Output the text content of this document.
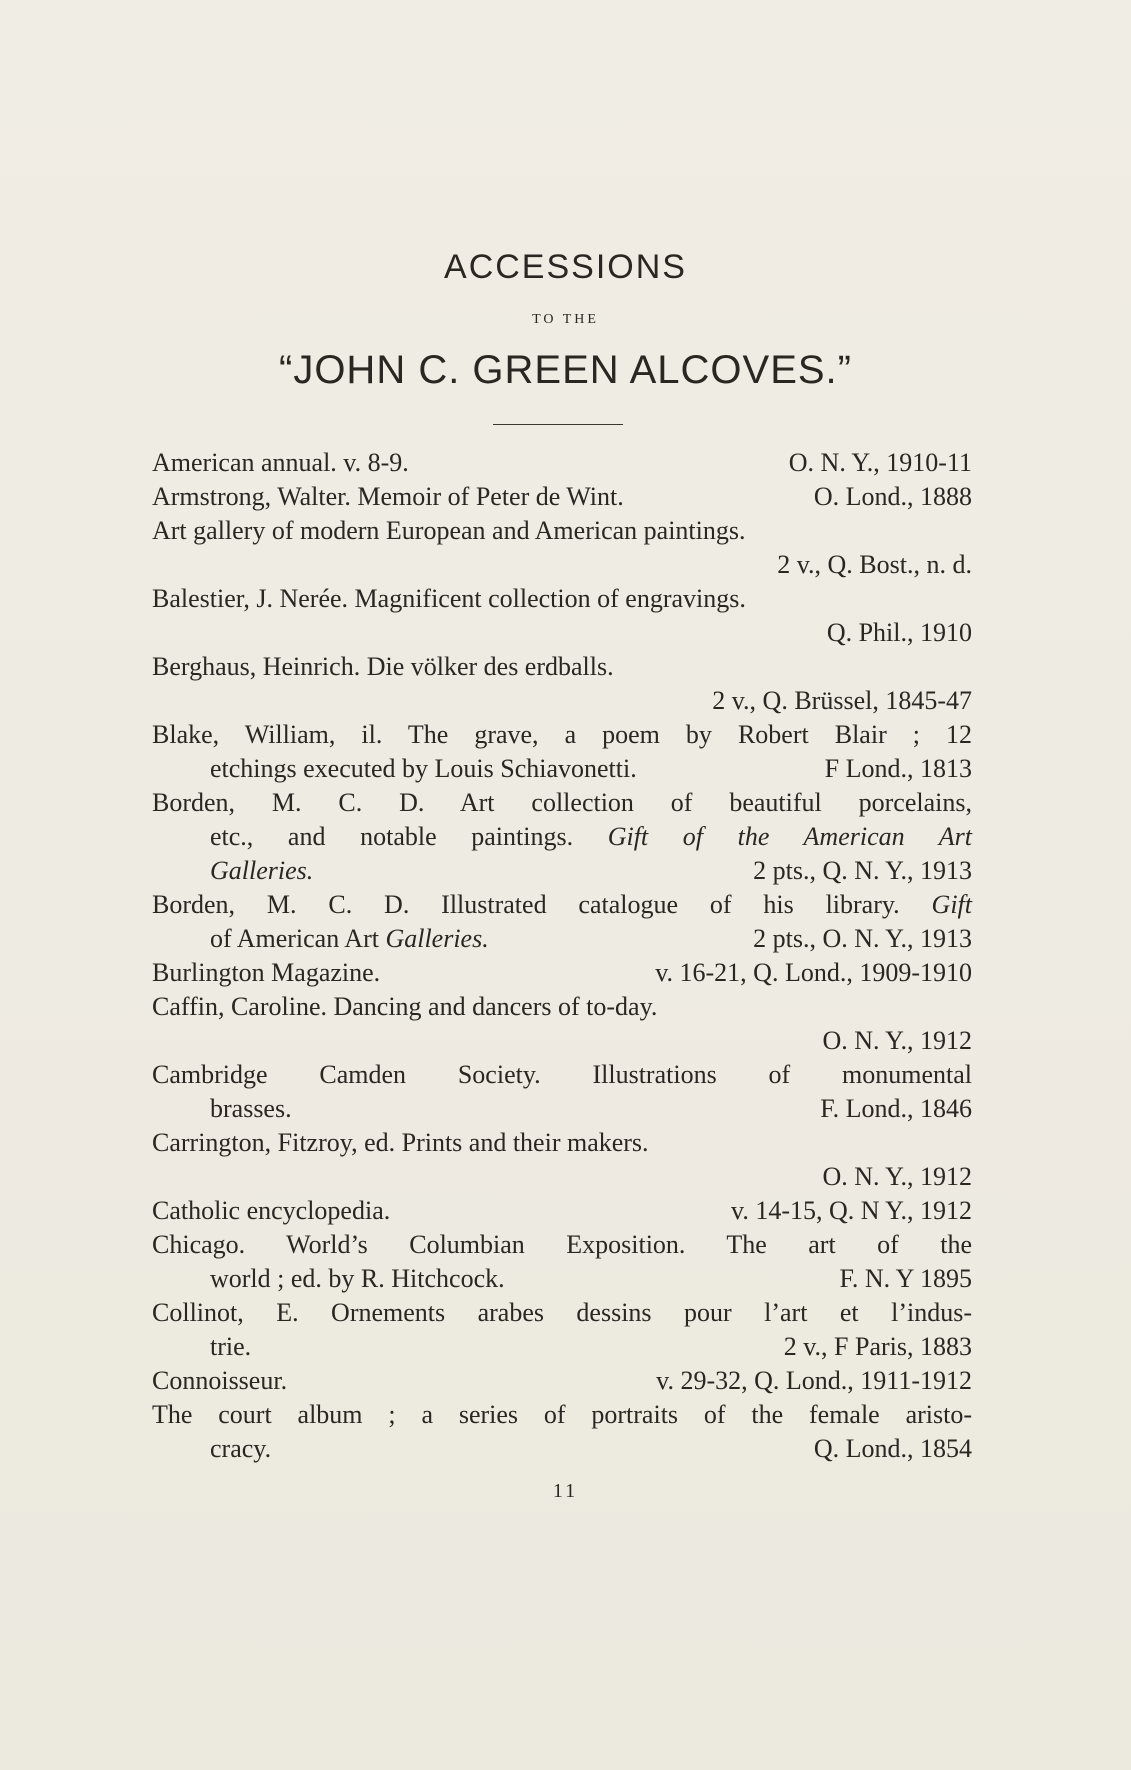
ACCESSIONS
TO THE
“JOHN C. GREEN ALCOVES.”
American annual. v. 8-9.	O. N. Y., 1910-11
Armstrong, Walter. Memoir of Peter de Wint.	O. Lond., 1888
Art gallery of modern European and American paintings.
2 v., Q. Bost., n. d.
Balestier, J. Nerée. Magnificent collection of engravings.
Q. Phil., 1910
Berghaus, Heinrich. Die völker des erdballs.
2 v., Q. Brüssel, 1845-47
Blake, William, il. The grave, a poem by Robert Blair ; 12
etchings executed by Louis Schiavonetti.	F Lond., 1813
Borden, M. C. D. Art collection of beautiful porcelains,
etc., and notable paintings. Gift of the American Art
Galleries.	2 pts., Q. N. Y., 1913
Borden, M. C. D. Illustrated catalogue of his library. Gift
of American Art Galleries.	2 pts., O. N. Y., 1913
Burlington Magazine.	v. 16-21, Q. Lond., 1909-1910
Caffin, Caroline. Dancing and dancers of to-day.
O. N. Y., 1912
Cambridge Camden Society. Illustrations of monumental
brasses.	F. Lond., 1846
Carrington, Fitzroy, ed. Prints and their makers.
O. N. Y., 1912
Catholic encyclopedia.	v. 14-15, Q. N Y., 1912
Chicago. World’s Columbian Exposition. The art of the
world ; ed. by R. Hitchcock.	F. N. Y 1895
Collinot, E. Ornements arabes dessins pour l’art et l’indus-
trie.	2 v., F Paris, 1883
Connoisseur.	v. 29-32, Q. Lond., 1911-1912
The court album ; a series of portraits of the female aristo-
cracy.	Q. Lond., 1854
11
